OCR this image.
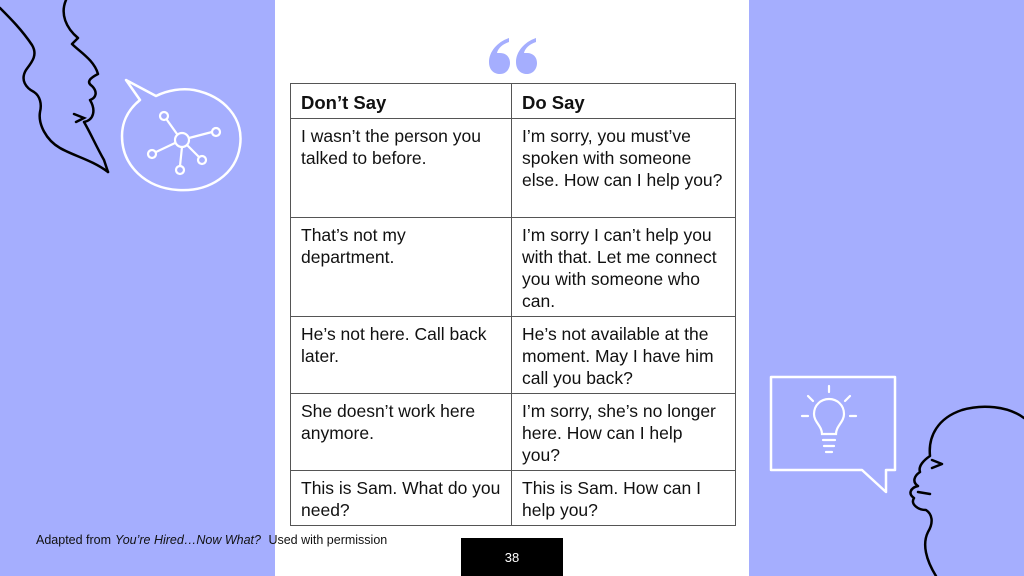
Don’t Say	Do Say
I wasn’t the person you talked to before.	I’m sorry, you must’ve spoken with someone else. How can I help you?
That’s not my department.	I’m sorry I can’t help you with that. Let me connect you with someone who can.
He’s not here. Call back later.	He’s not available at the moment. May I have him call you back?
She doesn’t work here anymore.	I’m sorry, she’s no longer here. How can I help you?
This is Sam. What do you need?	This is Sam. How can I help you?
Adapted from You’re Hired…Now What? Used with permission
38
